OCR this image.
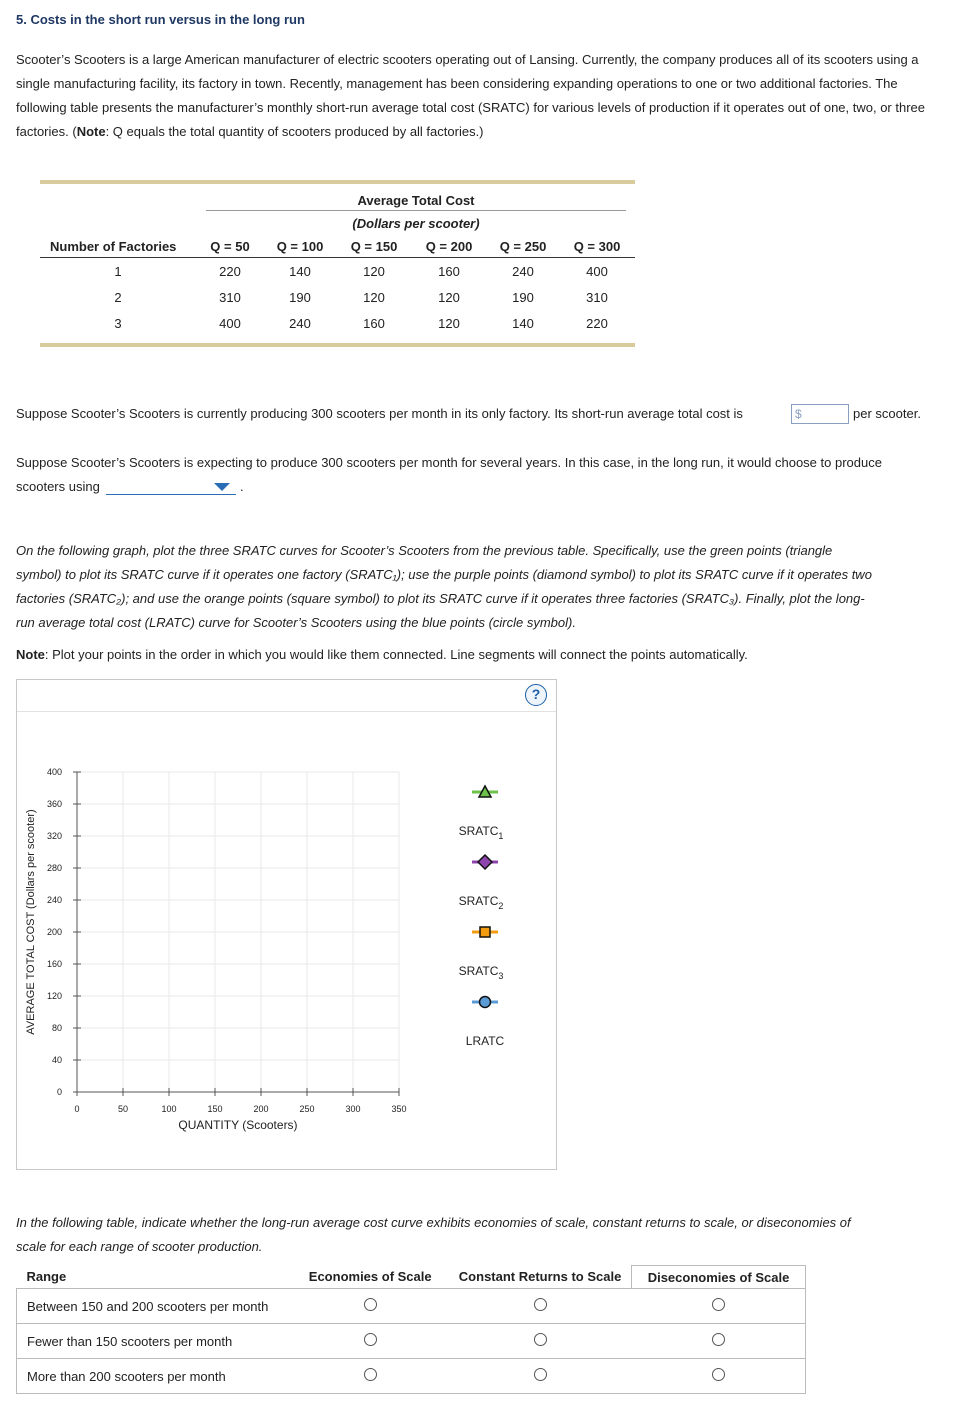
5. Costs in the short run versus in the long run
Scooter’s Scooters is a large American manufacturer of electric scooters operating out of Lansing. Currently, the company produces all of its scooters using a single manufacturing facility, its factory in town. Recently, management has been considering expanding operations to one or two additional factories. The following table presents the manufacturer’s monthly short-run average total cost (SRATC) for various levels of production if it operates out of one, two, or three factories. (Note: Q equals the total quantity of scooters produced by all factories.)
Average Total Cost
(Dollars per scooter)
Number of Factories	Q = 50	Q = 100	Q = 150	Q = 200	Q = 250	Q = 300
1	220	140	120	160	240	400
2	310	190	120	120	190	310
3	400	240	160	120	140	220
Suppose Scooter’s Scooters is currently producing 300 scooters per month in its only factory. Its short-run average total cost is	$	per scooter.
Suppose Scooter’s Scooters is expecting to produce 300 scooters per month for several years. In this case, in the long run, it would choose to produce
scooters using	.
On the following graph, plot the three SRATC curves for Scooter’s Scooters from the previous table. Specifically, use the green points (triangle
symbol) to plot its SRATC curve if it operates one factory (SRATC₁); use the purple points (diamond symbol) to plot its SRATC curve if it operates two
factories (SRATC₂); and use the orange points (square symbol) to plot its SRATC curve if it operates three factories (SRATC₃). Finally, plot the long-
run average total cost (LRATC) curve for Scooter’s Scooters using the blue points (circle symbol).
Note: Plot your points in the order in which you would like them connected. Line segments will connect the points automatically.
?
0	50	100	150	200	250	300	350
0
40
80
120
160
200
240
280
320
360
400
$SRATC_1$
$SRATC_2$
$SRATC_3$
LRATC
QUANTITY (Scooters)
AVERAGE TOTAL COST (Dollars per scooter)
In the following table, indicate whether the long-run average cost curve exhibits economies of scale, constant returns to scale, or diseconomies of
scale for each range of scooter production.
Range	Economies of Scale	Constant Returns to Scale	Diseconomies of Scale
Between 150 and 200 scooters per month			
Fewer than 150 scooters per month			
More than 200 scooters per month			
